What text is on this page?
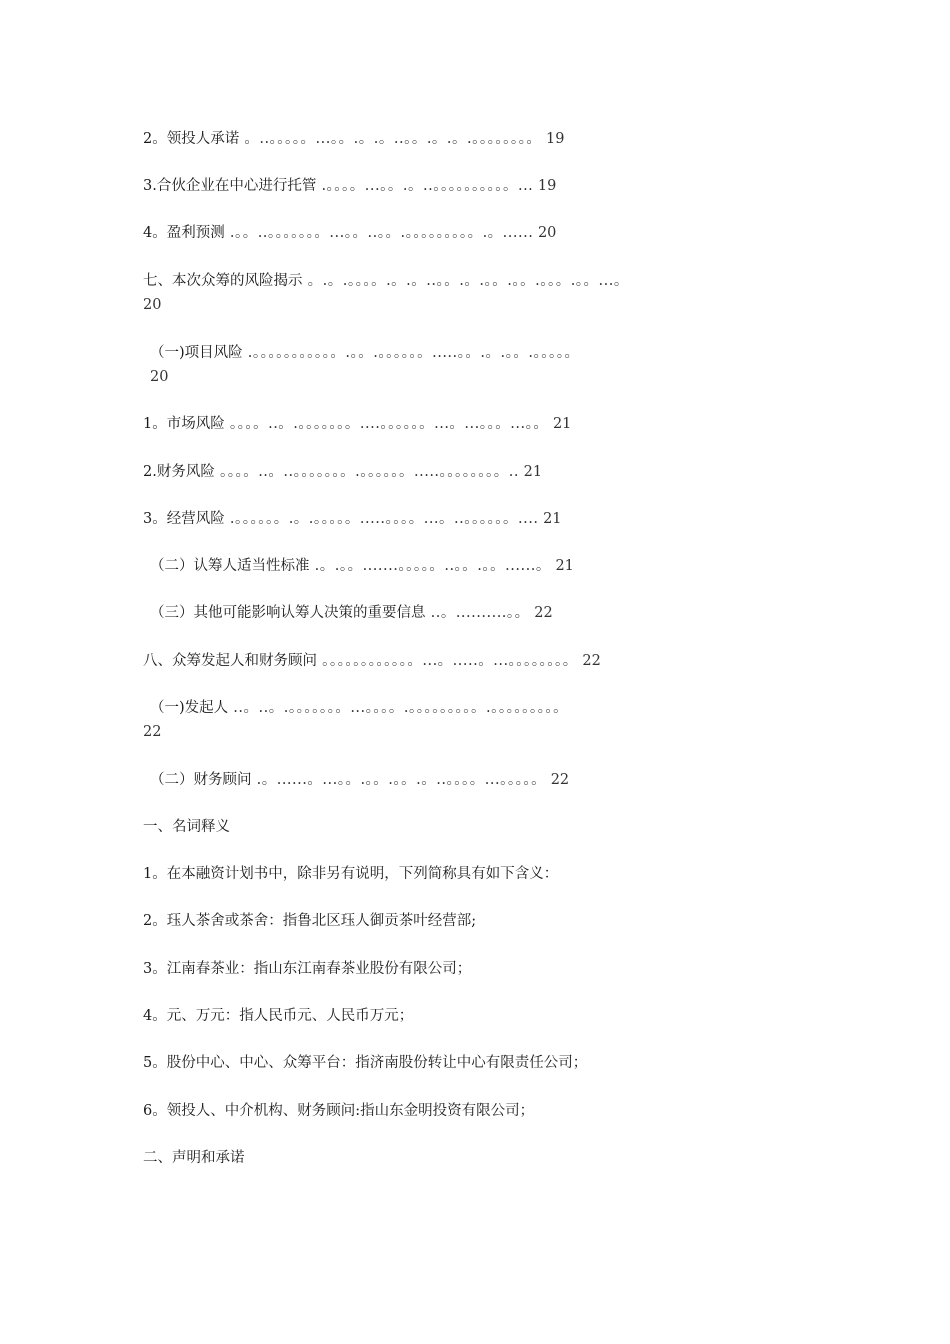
2。领投人承诺 。..。。。。。...。。.。.。..。。.。.。.。。。。。。。。 19
3.合伙企业在中心进行托管 .。。。。...。。.。..。。。。。。。。。。... 19
4。盈利预测 .。。..。。。。。。。...。。..。。.。。。。。。。。。.。...... 20
七、本次众筹的风险揭示 。.。.。。。。.。.。..。。.。.。。.。。.。。。.。。...。
20
（一)项目风险 .。。。。。。。。。。。.。。.。。。。。。.....。。.。.。。.。。。。。
20
1。市场风险 。。。。..。.。。。。。。。....。。。。。。...。...。。。...。。 21
2.财务风险 。。。。..。..。。。。。。。.。。。。。。.....。。。。。。。。.. 21
3。经营风险 .。。。。。。.。.。。。。。.....。。。。...。..。。。。。。.... 21
（二）认筹人适当性标准 .。.。。.......。。。。。..。。.。。......。 21
（三）其他可能影响认筹人决策的重要信息 ..。..........。。 22
八、众筹发起人和财务顾问 。。。。。。。。。。。。...。.....。...。。。。。。。。 22
（一)发起人 ..。..。.。。。。。。。...。。。。.。。。。。。。。。.。。。。。。。。。
22
（二）财务顾问 .。......。...。。.。。.。。.。..。。。。...。。。。。 22
一、名词释义
1。在本融资计划书中，除非另有说明，下列简称具有如下含义：
2。珏人茶舍或茶舍：指鲁北区珏人御贡茶叶经营部;
3。江南春茶业：指山东江南春茶业股份有限公司；
4。元、万元：指人民币元、人民币万元；
5。股份中心、中心、众筹平台：指济南股份转让中心有限责任公司；
6。领投人、中介机构、财务顾问:指山东金明投资有限公司；
二、声明和承诺
